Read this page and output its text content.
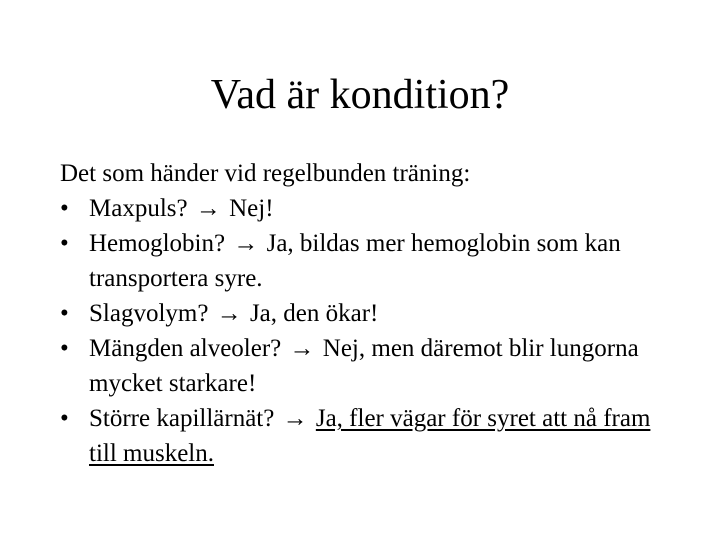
Vad är kondition?
Det som händer vid regelbunden träning:
• Maxpuls? → Nej!
• Hemoglobin? → Ja, bildas mer hemoglobin som kan transportera syre.
• Slagvolym? → Ja, den ökar!
• Mängden alveoler? → Nej, men däremot blir lungorna mycket starkare!
• Större kapillärnät? → Ja, fler vägar för syret att nå fram till muskeln.
